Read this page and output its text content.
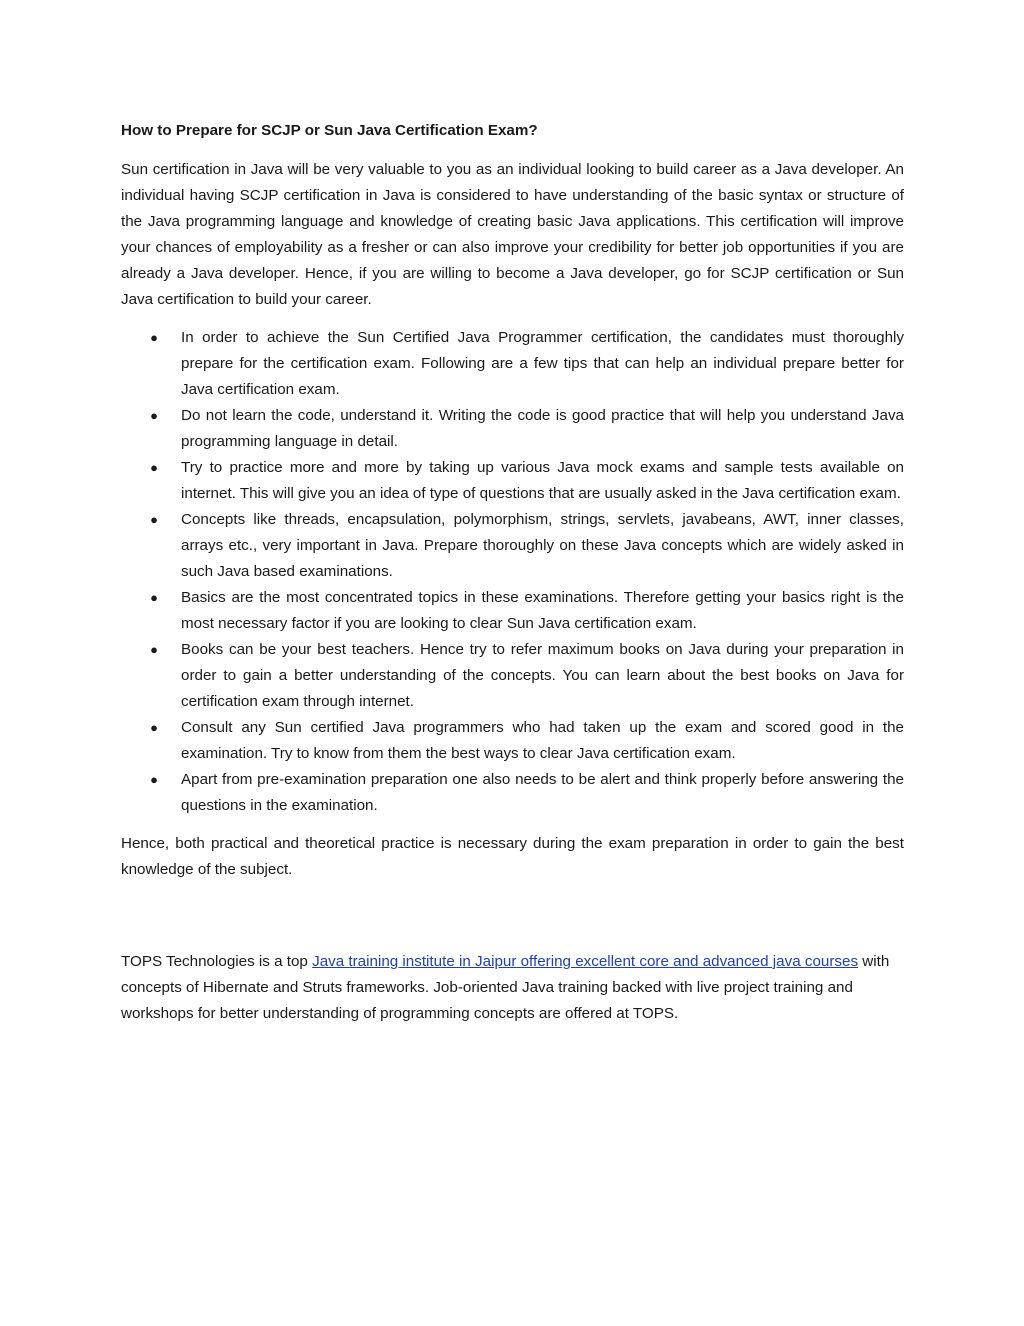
How to Prepare for SCJP or Sun Java Certification Exam?

Sun certification in Java will be very valuable to you as an individual looking to build career as a Java developer. An individual having SCJP certification in Java is considered to have understanding of the basic syntax or structure of the Java programming language and knowledge of creating basic Java applications. This certification will improve your chances of employability as a fresher or can also improve your credibility for better job opportunities if you are already a Java developer. Hence, if you are willing to become a Java developer, go for SCJP certification or Sun Java certification to build your career.

● In order to achieve the Sun Certified Java Programmer certification, the candidates must thoroughly prepare for the certification exam. Following are a few tips that can help an individual prepare better for Java certification exam.
● Do not learn the code, understand it. Writing the code is good practice that will help you understand Java programming language in detail.
● Try to practice more and more by taking up various Java mock exams and sample tests available on internet. This will give you an idea of type of questions that are usually asked in the Java certification exam.
● Concepts like threads, encapsulation, polymorphism, strings, servlets, javabeans, AWT, inner classes, arrays etc., very important in Java. Prepare thoroughly on these Java concepts which are widely asked in such Java based examinations.
● Basics are the most concentrated topics in these examinations. Therefore getting your basics right is the most necessary factor if you are looking to clear Sun Java certification exam.
● Books can be your best teachers. Hence try to refer maximum books on Java during your preparation in order to gain a better understanding of the concepts. You can learn about the best books on Java for certification exam through internet.
● Consult any Sun certified Java programmers who had taken up the exam and scored good in the examination. Try to know from them the best ways to clear Java certification exam.
● Apart from pre-examination preparation one also needs to be alert and think properly before answering the questions in the examination.

Hence, both practical and theoretical practice is necessary during the exam preparation in order to gain the best knowledge of the subject.

TOPS Technologies is a top Java training institute in Jaipur offering excellent core and advanced java courses with concepts of Hibernate and Struts frameworks. Job-oriented Java training backed with live project training and workshops for better understanding of programming concepts are offered at TOPS.
